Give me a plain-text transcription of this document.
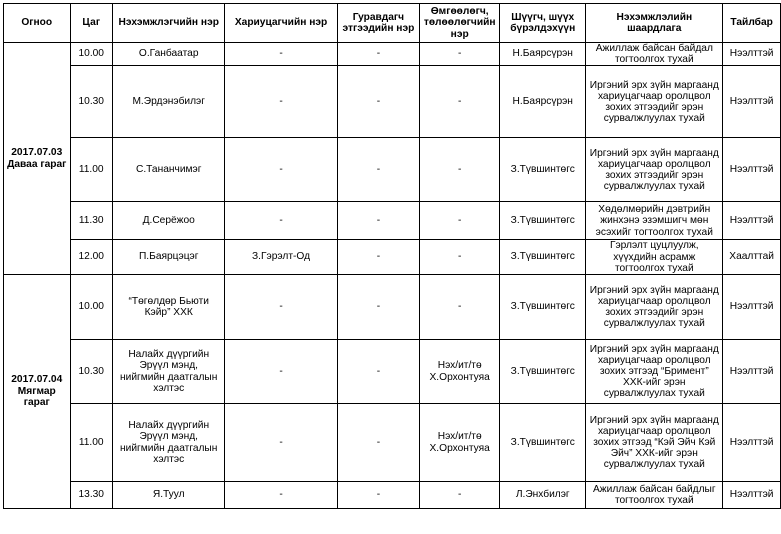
Огноо	Цаг	Нэхэмжлэгчийн нэр	Хариуцагчийн нэр	Гуравдагч этгээдийн нэр	Өмгөөлөгч, төлөөлөгчийн нэр	Шүүгч, шүүх бүрэлдэхүүн	Нэхэмжлэлийн шаардлага	Тайлбар

2017.07.03
Даваа гараг	10.00	О.Ганбаатар	-	-	-	Н.Баярсүрэн	Ажиллаж байсан байдал тогтоолгох тухай	Нээлттэй
	10.30	М.Эрдэнэбилэг	-	-	-	Н.Баярсүрэн	Иргэний эрх зүйн маргаанд хариуцагчаар оролцвол зохих этгээдийг эрэн сурвалжлуулах тухай	Нээлттэй
	11.00	С.Тананчимэг	-	-	-	З.Түвшинтөгс	Иргэний эрх зүйн маргаанд хариуцагчаар оролцвол зохих этгээдийг эрэн сурвалжлуулах тухай	Нээлттэй
	11.30	Д.Серёжоо	-	-	-	З.Түвшинтөгс	Хөдөлмөрийн дэвтрийн жинхэнэ эзэмшигч мөн эсэхийг тогтоолгох тухай	Нээлттэй
	12.00	П.Баярцэцэг	З.Гэрэлт-Од	-	-	З.Түвшинтөгс	Гэрлэлт цуцлуулж, хүүхдийн асрамж тогтоолгох тухай	Хаалттай

2017.07.04
Мягмар гараг	10.00	“Төгөлдөр Бьюти Кэйр” ХХК	-	-	-	З.Түвшинтөгс	Иргэний эрх зүйн маргаанд хариуцагчаар оролцвол зохих этгээдийг эрэн сурвалжлуулах тухай	Нээлттэй
	10.30	Налайх дүүргийн Эрүүл мэнд, нийгмийн даатгалын хэлтэс	-	-	Нэх/ит/тө Х.Орхонтуяа	З.Түвшинтөгс	Иргэний эрх зүйн маргаанд хариуцагчаар оролцвол зохих этгээд “Бримент” ХХК-ийг эрэн сурвалжлуулах тухай	Нээлттэй
	11.00	Налайх дүүргийн Эрүүл мэнд, нийгмийн даатгалын хэлтэс	-	-	Нэх/ит/тө Х.Орхонтуяа	З.Түвшинтөгс	Иргэний эрх зүйн маргаанд хариуцагчаар оролцвол зохих этгээд “Кэй Эйч Кэй Эйч” ХХК-ийг эрэн сурвалжлуулах тухай	Нээлттэй
	13.30	Я.Туул	-	-	-	Л.Энхбилэг	Ажиллаж байсан байдлыг тогтоолгох тухай	Нээлттэй
